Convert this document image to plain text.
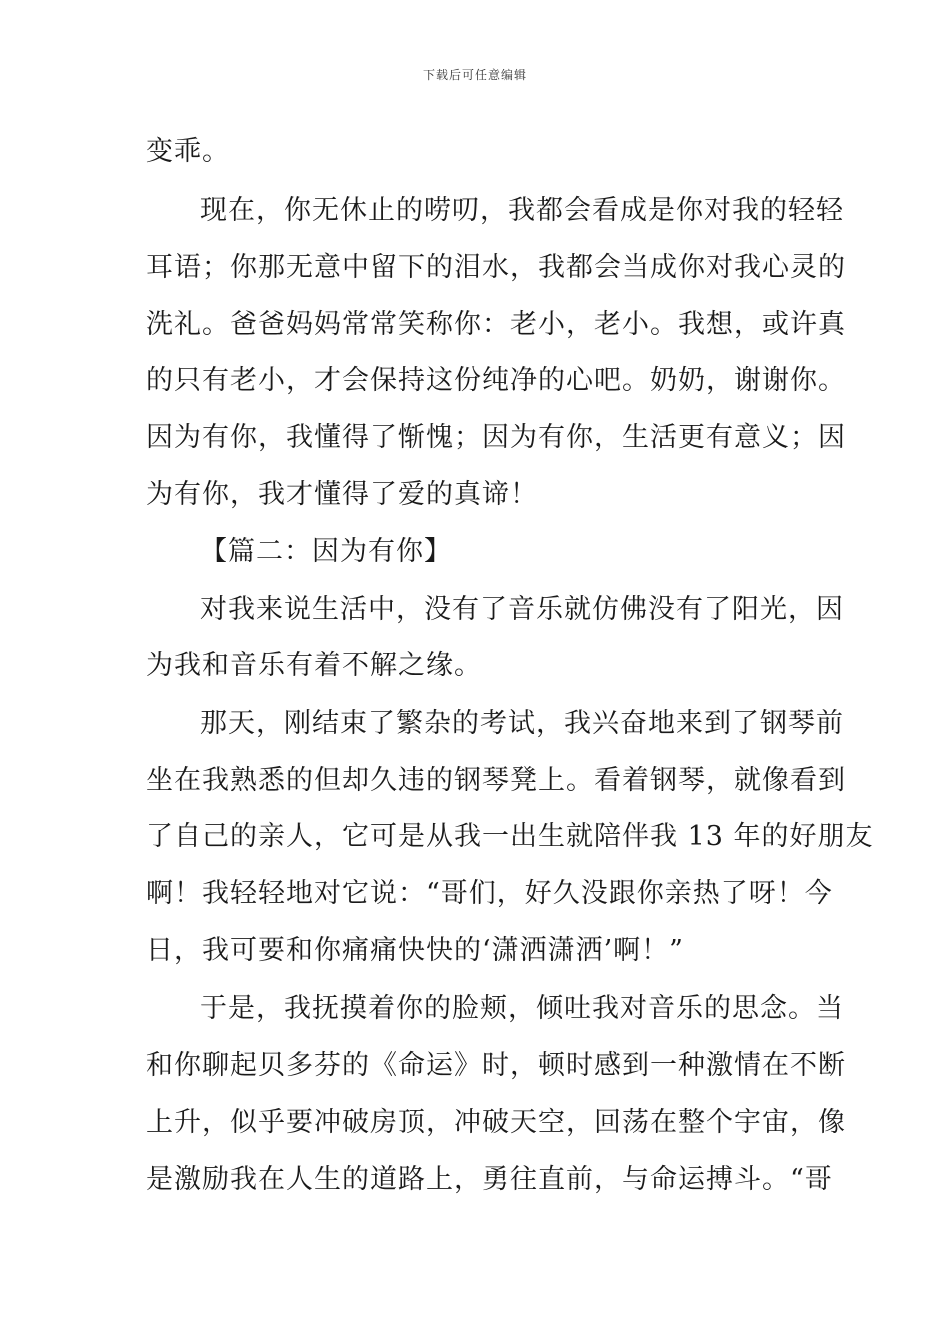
下载后可任意编辑
变乖。
现在，你无休止的唠叨，我都会看成是你对我的轻轻
耳语；你那无意中留下的泪水，我都会当成你对我心灵的
洗礼。爸爸妈妈常常笑称你：老小，老小。我想，或许真
的只有老小，才会保持这份纯净的心吧。奶奶，谢谢你。
因为有你，我懂得了惭愧；因为有你，生活更有意义；因
为有你，我才懂得了爱的真谛！
【篇二：因为有你】
对我来说生活中，没有了音乐就仿佛没有了阳光，因
为我和音乐有着不解之缘。
那天，刚结束了繁杂的考试，我兴奋地来到了钢琴前
坐在我熟悉的但却久违的钢琴凳上。看着钢琴，就像看到
了自己的亲人，它可是从我一出生就陪伴我 13 年的好朋友
啊！我轻轻地对它说：“哥们，好久没跟你亲热了呀！今
日，我可要和你痛痛快快的‘潇洒潇洒’啊！”
于是，我抚摸着你的脸颊，倾吐我对音乐的思念。当
和你聊起贝多芬的《命运》时，顿时感到一种激情在不断
上升，似乎要冲破房顶，冲破天空，回荡在整个宇宙，像
是激励我在人生的道路上，勇往直前，与命运搏斗。“哥
